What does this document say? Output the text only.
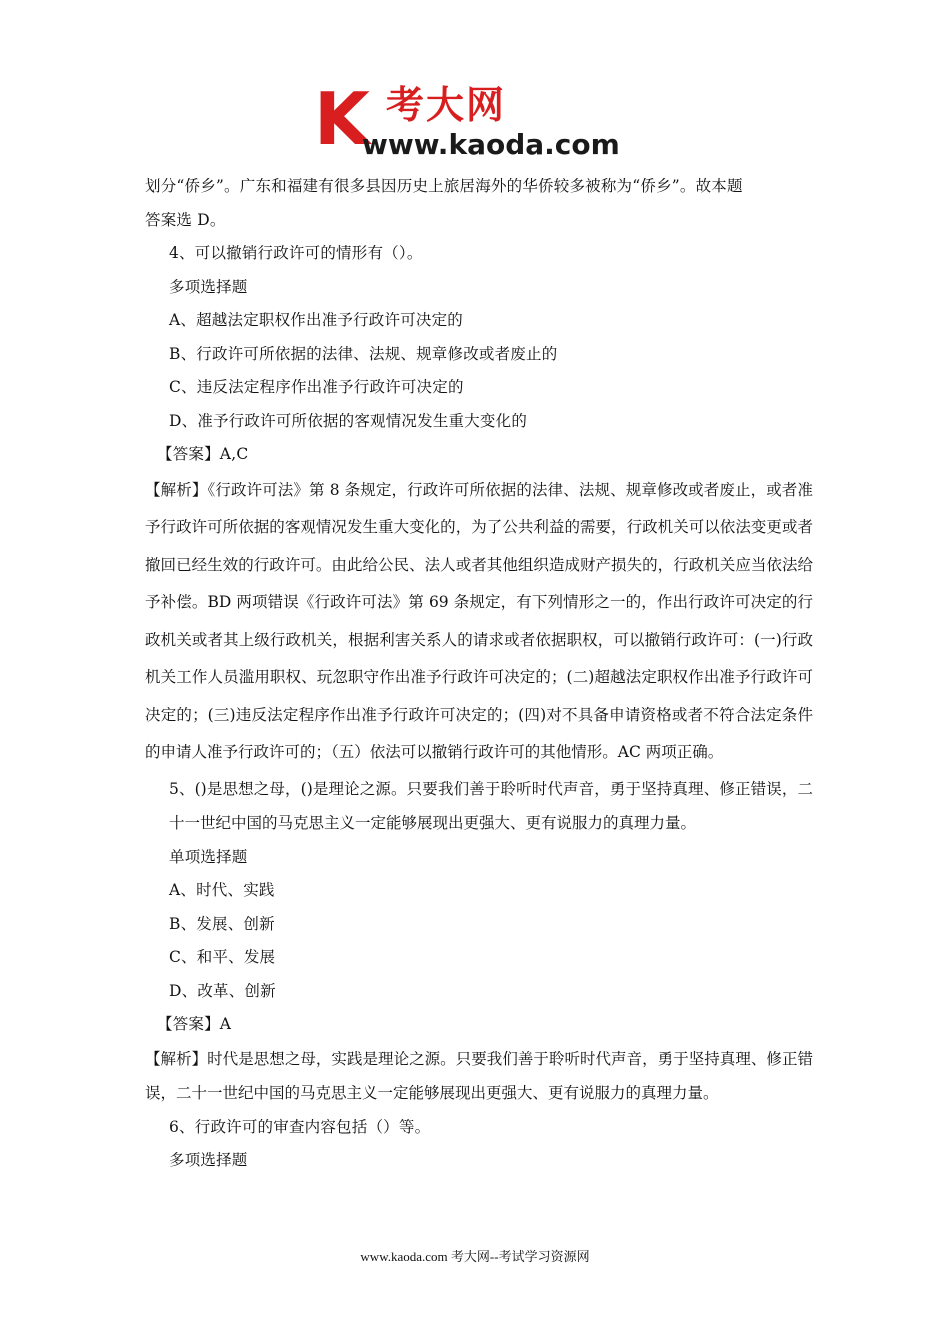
K 考大网
www.kaoda.com
划分“侨乡”。广东和福建有很多县因历史上旅居海外的华侨较多被称为“侨乡”。故本题
答案选 D。
4、可以撤销行政许可的情形有（）。
多项选择题
A、超越法定职权作出准予行政许可决定的
B、行政许可所依据的法律、法规、规章修改或者废止的
C、违反法定程序作出准予行政许可决定的
D、准予行政许可所依据的客观情况发生重大变化的
【答案】A,C
【解析】《行政许可法》第 8 条规定，行政许可所依据的法律、法规、规章修改或者废止，或者准予行政许可所依据的客观情况发生重大变化的，为了公共利益的需要，行政机关可以依法变更或者撤回已经生效的行政许可。由此给公民、法人或者其他组织造成财产损失的，行政机关应当依法给予补偿。BD 两项错误《行政许可法》第 69 条规定，有下列情形之一的，作出行政许可决定的行政机关或者其上级行政机关，根据利害关系人的请求或者依据职权，可以撤销行政许可：(一)行政机关工作人员滥用职权、玩忽职守作出准予行政许可决定的；(二)超越法定职权作出准予行政许可决定的；(三)违反法定程序作出准予行政许可决定的；(四)对不具备申请资格或者不符合法定条件的申请人准予行政许可的；（五）依法可以撤销行政许可的其他情形。AC 两项正确。
5、()是思想之母，()是理论之源。只要我们善于聆听时代声音，勇于坚持真理、修正错误，二十一世纪中国的马克思主义一定能够展现出更强大、更有说服力的真理力量。
单项选择题
A、时代、实践
B、发展、创新
C、和平、发展
D、改革、创新
【答案】A
【解析】时代是思想之母，实践是理论之源。只要我们善于聆听时代声音，勇于坚持真理、修正错误，二十一世纪中国的马克思主义一定能够展现出更强大、更有说服力的真理力量。
6、行政许可的审查内容包括（）等。
多项选择题
www.kaoda.com 考大网--考试学习资源网
